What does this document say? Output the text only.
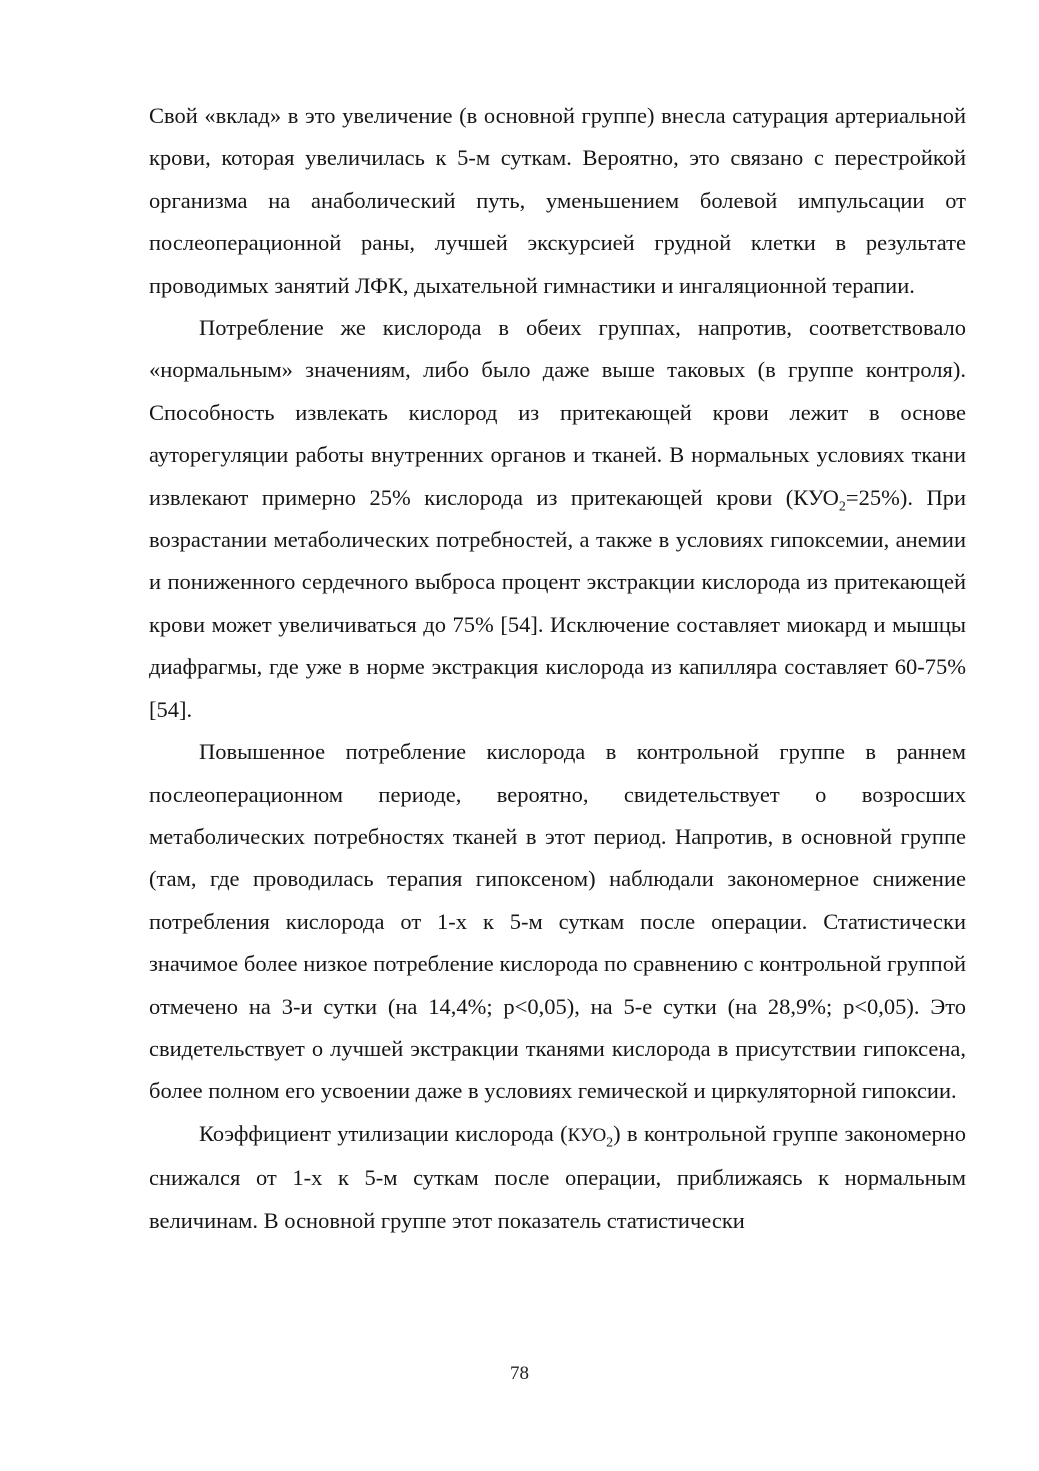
Свой «вклад» в это увеличение (в основной группе) внесла сатурация артериальной крови, которая увеличилась к 5-м суткам. Вероятно, это связано с перестройкой организма на анаболический путь, уменьшением болевой импульсации от послеоперационной раны, лучшей экскурсией грудной клетки в результате проводимых занятий ЛФК, дыхательной гимнастики и ингаляционной терапии.

Потребление же кислорода в обеих группах, напротив, соответствовало «нормальным» значениям, либо было даже выше таковых (в группе контроля). Способность извлекать кислород из притекающей крови лежит в основе ауторегуляции работы внутренних органов и тканей. В нормальных условиях ткани извлекают примерно 25% кислорода из притекающей крови $(КУО_2=25\%)$. При возрастании метаболических потребностей, а также в условиях гипоксемии, анемии и пониженного сердечного выброса процент экстракции кислорода из притекающей крови может увеличиваться до 75% [54]. Исключение составляет миокард и мышцы диафрагмы, где уже в норме экстракция кислорода из капилляра составляет 60-75% [54].

Повышенное потребление кислорода в контрольной группе в раннем послеоперационном периоде, вероятно, свидетельствует о возросших метаболических потребностях тканей в этот период. Напротив, в основной группе (там, где проводилась терапия гипоксеном) наблюдали закономерное снижение потребления кислорода от 1-х к 5-м суткам после операции. Статистически значимое более низкое потребление кислорода по сравнению с контрольной группой отмечено на 3-и сутки (на 14,4%; p<0,05), на 5-е сутки (на 28,9%; p<0,05). Это свидетельствует о лучшей экстракции тканями кислорода в присутствии гипоксена, более полном его усвоении даже в условиях гемической и циркуляторной гипоксии.

Коэффициент утилизации кислорода $(КУО_2)$ в контрольной группе закономерно снижался от 1-х к 5-м суткам после операции, приближаясь к нормальным величинам. В основной группе этот показатель статистически

78
